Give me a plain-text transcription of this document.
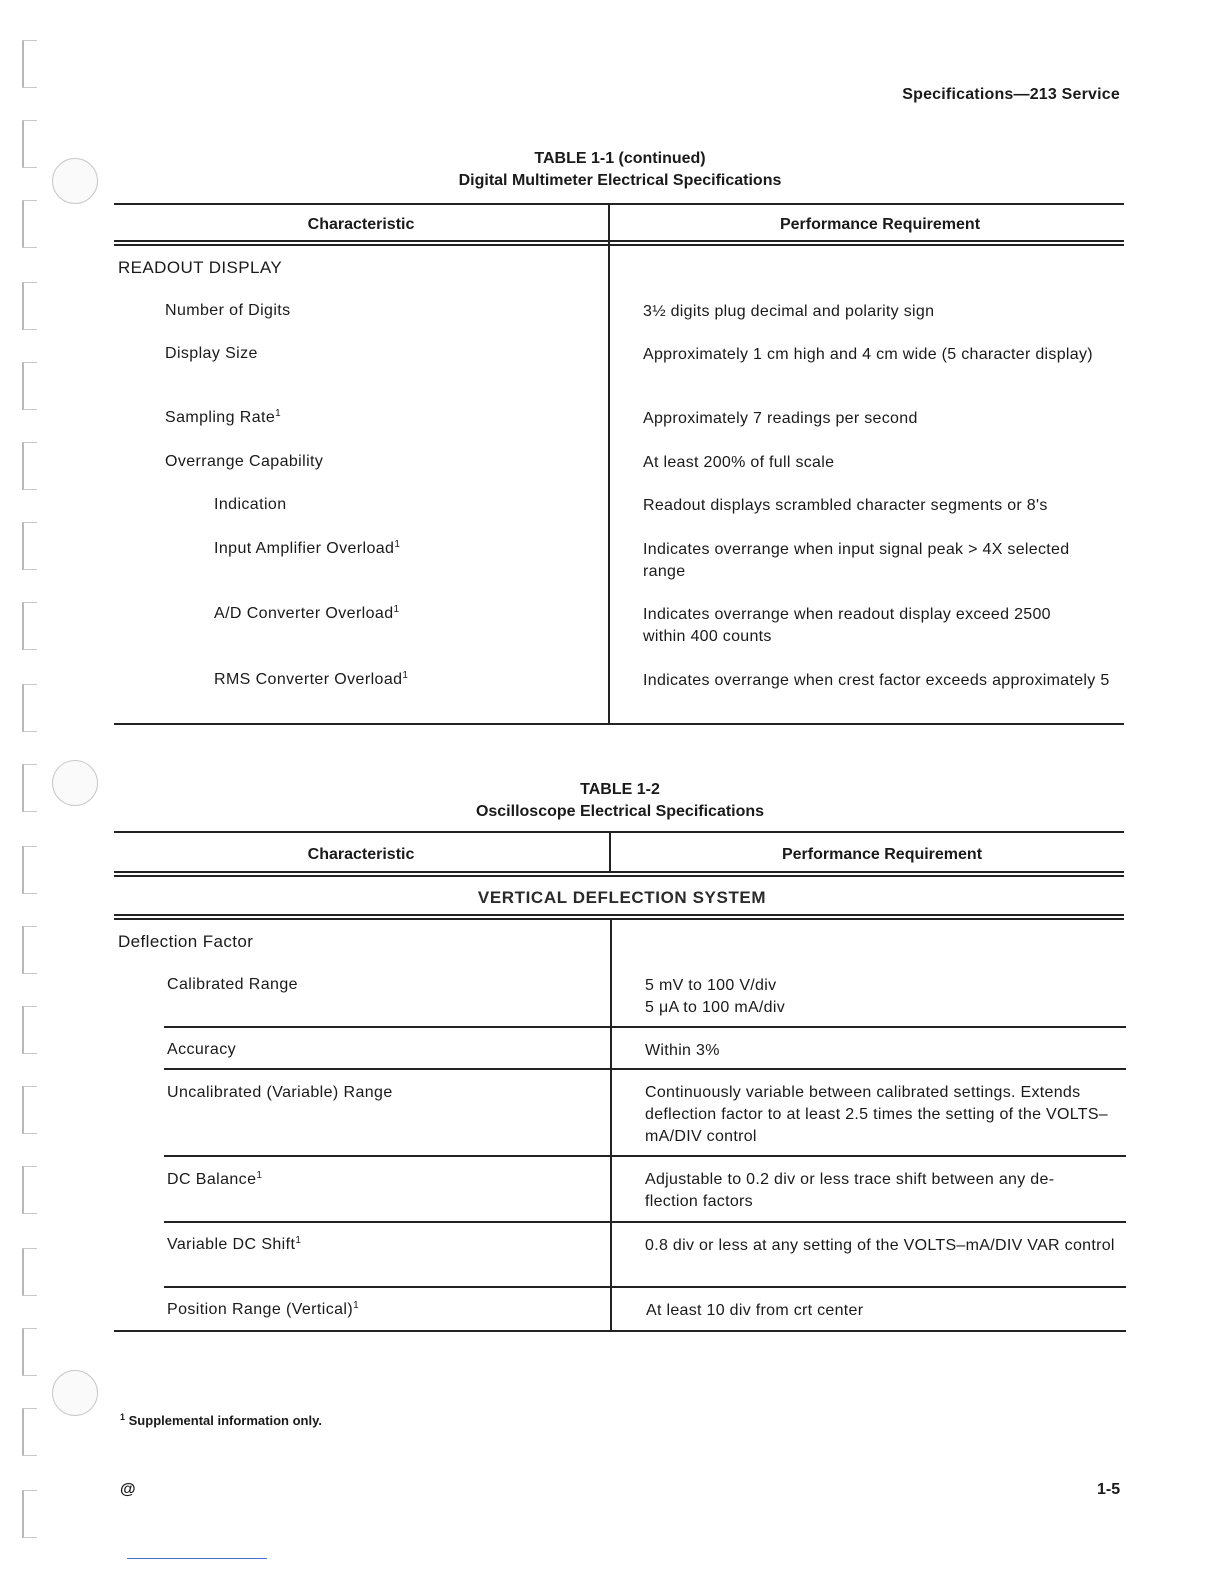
Specifications—213 Service
TABLE 1-1 (continued)
Digital Multimeter Electrical Specifications
Characteristic	Performance Requirement
READOUT DISPLAY
Number of Digits	3½ digits plug decimal and polarity sign
Display Size	Approximately 1 cm high and 4 cm wide (5 character display)
Sampling Rate$^1$	Approximately 7 readings per second
Overrange Capability	At least 200% of full scale
Indication	Readout displays scrambled character segments or 8's
Input Amplifier Overload$^1$	Indicates overrange when input signal peak > 4X selected range
A/D Converter Overload$^1$	Indicates overrange when readout display exceed 2500 within 400 counts
RMS Converter Overload$^1$	Indicates overrange when crest factor exceeds approximately 5
TABLE 1-2
Oscilloscope Electrical Specifications
Characteristic	Performance Requirement
VERTICAL DEFLECTION SYSTEM
Deflection Factor
Calibrated Range	5 mV to 100 V/div
5 μA to 100 mA/div
Accuracy	Within 3%
Uncalibrated (Variable) Range	Continuously variable between calibrated settings. Extends deflection factor to at least 2.5 times the setting of the VOLTS–mA/DIV control
DC Balance$^1$	Adjustable to 0.2 div or less trace shift between any de-flection factors
Variable DC Shift$^1$	0.8 div or less at any setting of the VOLTS–mA/DIV VAR control
Position Range (Vertical)$^1$	At least 10 div from crt center
$^1$ Supplemental information only.
@	1-5
